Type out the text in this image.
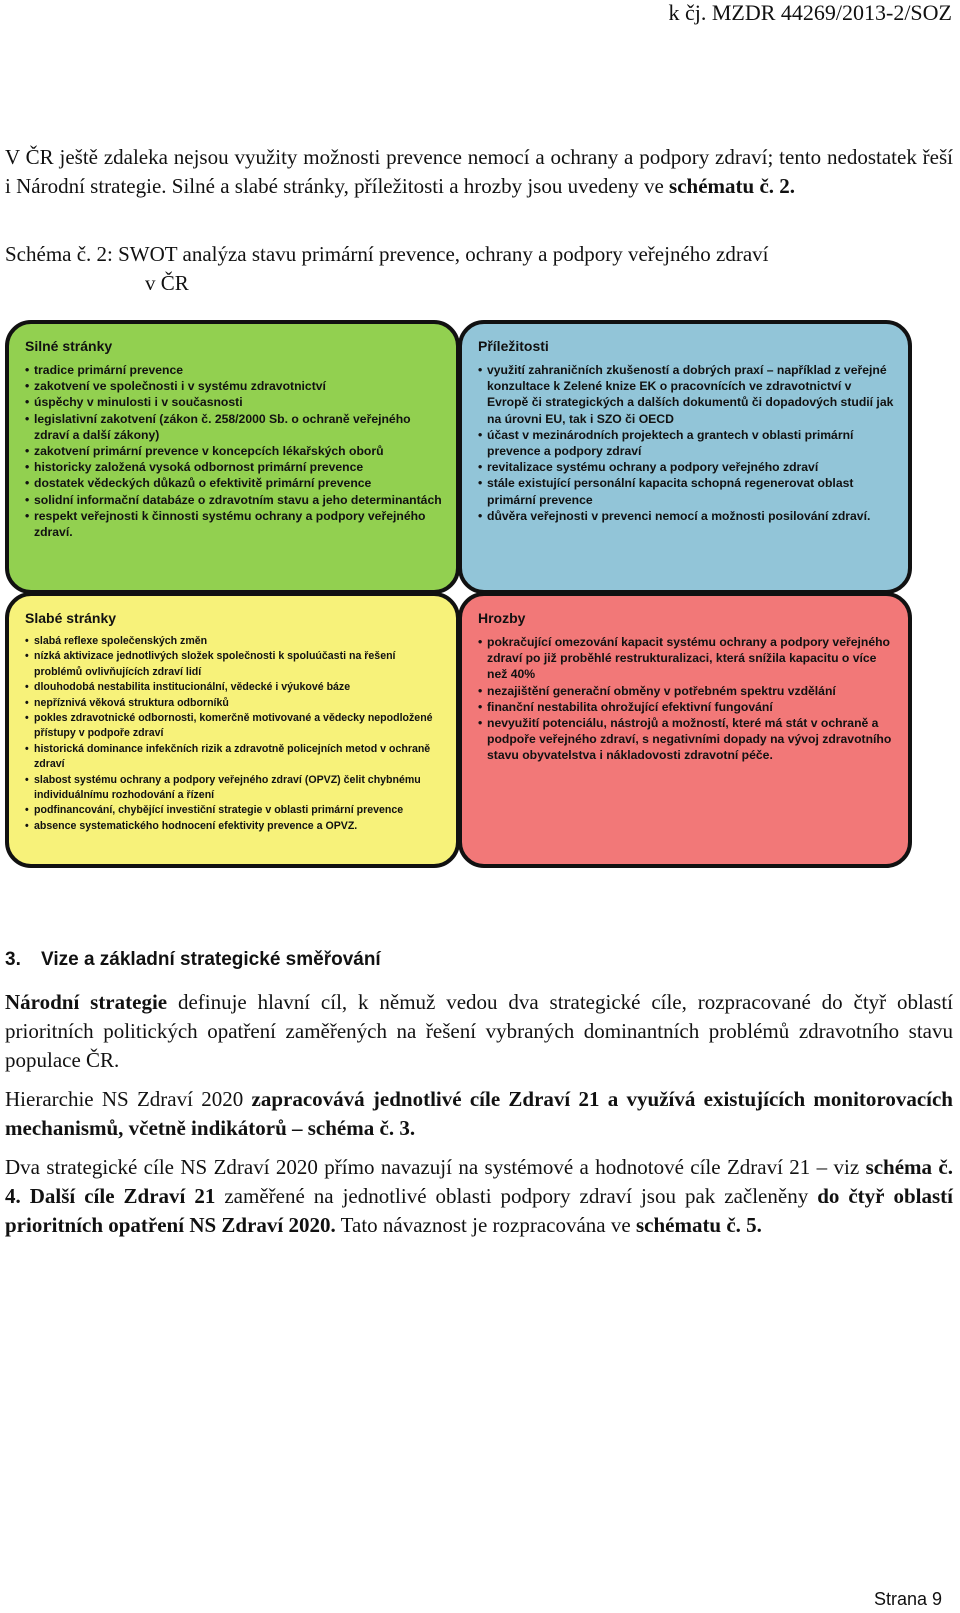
k čj. MZDR 44269/2013-2/SOZ

V ČR ještě zdaleka nejsou využity možnosti prevence nemocí a ochrany a podpory zdraví; tento nedostatek řeší i Národní strategie. Silné a slabé stránky, příležitosti a hrozby jsou uvedeny ve schématu č. 2.

Schéma č. 2: SWOT analýza stavu primární prevence, ochrany a podpory veřejného zdraví
v ČR

Silné stránky
• tradice primární prevence
• zakotvení ve společnosti i v systému zdravotnictví
• úspěchy v minulosti i v současnosti
• legislativní zakotvení (zákon č. 258/2000 Sb. o ochraně veřejného zdraví a další zákony)
• zakotvení primární prevence v koncepcích lékařských oborů
• historicky založená vysoká odbornost primární prevence
• dostatek vědeckých důkazů o efektivitě primární prevence
• solidní informační databáze o zdravotním stavu a jeho determinantách
• respekt veřejnosti k činnosti systému ochrany a podpory veřejného zdraví.
Příležitosti
• využití zahraničních zkušeností a dobrých praxí – například z veřejné konzultace k Zelené knize EK o pracovnících ve zdravotnictví v Evropě či strategických a dalších dokumentů či dopadových studií jak na úrovni EU, tak i SZO či OECD
• účast v mezinárodních projektech a grantech v oblasti primární prevence a podpory zdraví
• revitalizace systému ochrany a podpory veřejného zdraví
• stále existující personální kapacita schopná regenerovat oblast primární prevence
• důvěra veřejnosti v prevenci nemocí a možnosti posilování zdraví.
Slabé stránky
• slabá reflexe společenských změn
• nízká aktivizace jednotlivých složek společnosti k spoluúčasti na řešení problémů ovlivňujících zdraví lidí
• dlouhodobá nestabilita institucionální, vědecké i výukové báze
• nepříznivá věková struktura odborníků
• pokles zdravotnické odbornosti, komerčně motivované a vědecky nepodložené přístupy v podpoře zdraví
• historická dominance infekčních rizik a zdravotně policejních metod v ochraně zdraví
• slabost systému ochrany a podpory veřejného zdraví (OPVZ) čelit chybnému individuálnímu rozhodování a řízení
• podfinancování, chybějící investiční strategie v oblasti primární prevence
• absence systematického hodnocení efektivity prevence a OPVZ.
Hrozby
• pokračující omezování kapacit systému ochrany a podpory veřejného zdraví po již proběhlé restrukturalizaci, která snížila kapacitu o více než 40%
• nezajištění generační obměny v potřebném spektru vzdělání
• finanční nestabilita ohrožující efektivní fungování
• nevyužití potenciálu, nástrojů a možností, které má stát v ochraně a podpoře veřejného zdraví, s negativními dopady na vývoj zdravotního stavu obyvatelstva i nákladovosti zdravotní péče.
3. Vize a základní strategické směřování

Národní strategie definuje hlavní cíl, k němuž vedou dva strategické cíle, rozpracované do čtyř oblastí prioritních politických opatření zaměřených na řešení vybraných dominantních problémů zdravotního stavu populace ČR.

Hierarchie NS Zdraví 2020 zapracovává jednotlivé cíle Zdraví 21 a využívá existujících monitorovacích mechanismů, včetně indikátorů – schéma č. 3.

Dva strategické cíle NS Zdraví 2020 přímo navazují na systémové a hodnotové cíle Zdraví 21 – viz schéma č. 4. Další cíle Zdraví 21 zaměřené na jednotlivé oblasti podpory zdraví jsou pak začleněny do čtyř oblastí prioritních opatření NS Zdraví 2020. Tato návaznost je rozpracována ve schématu č. 5.

Strana 9
